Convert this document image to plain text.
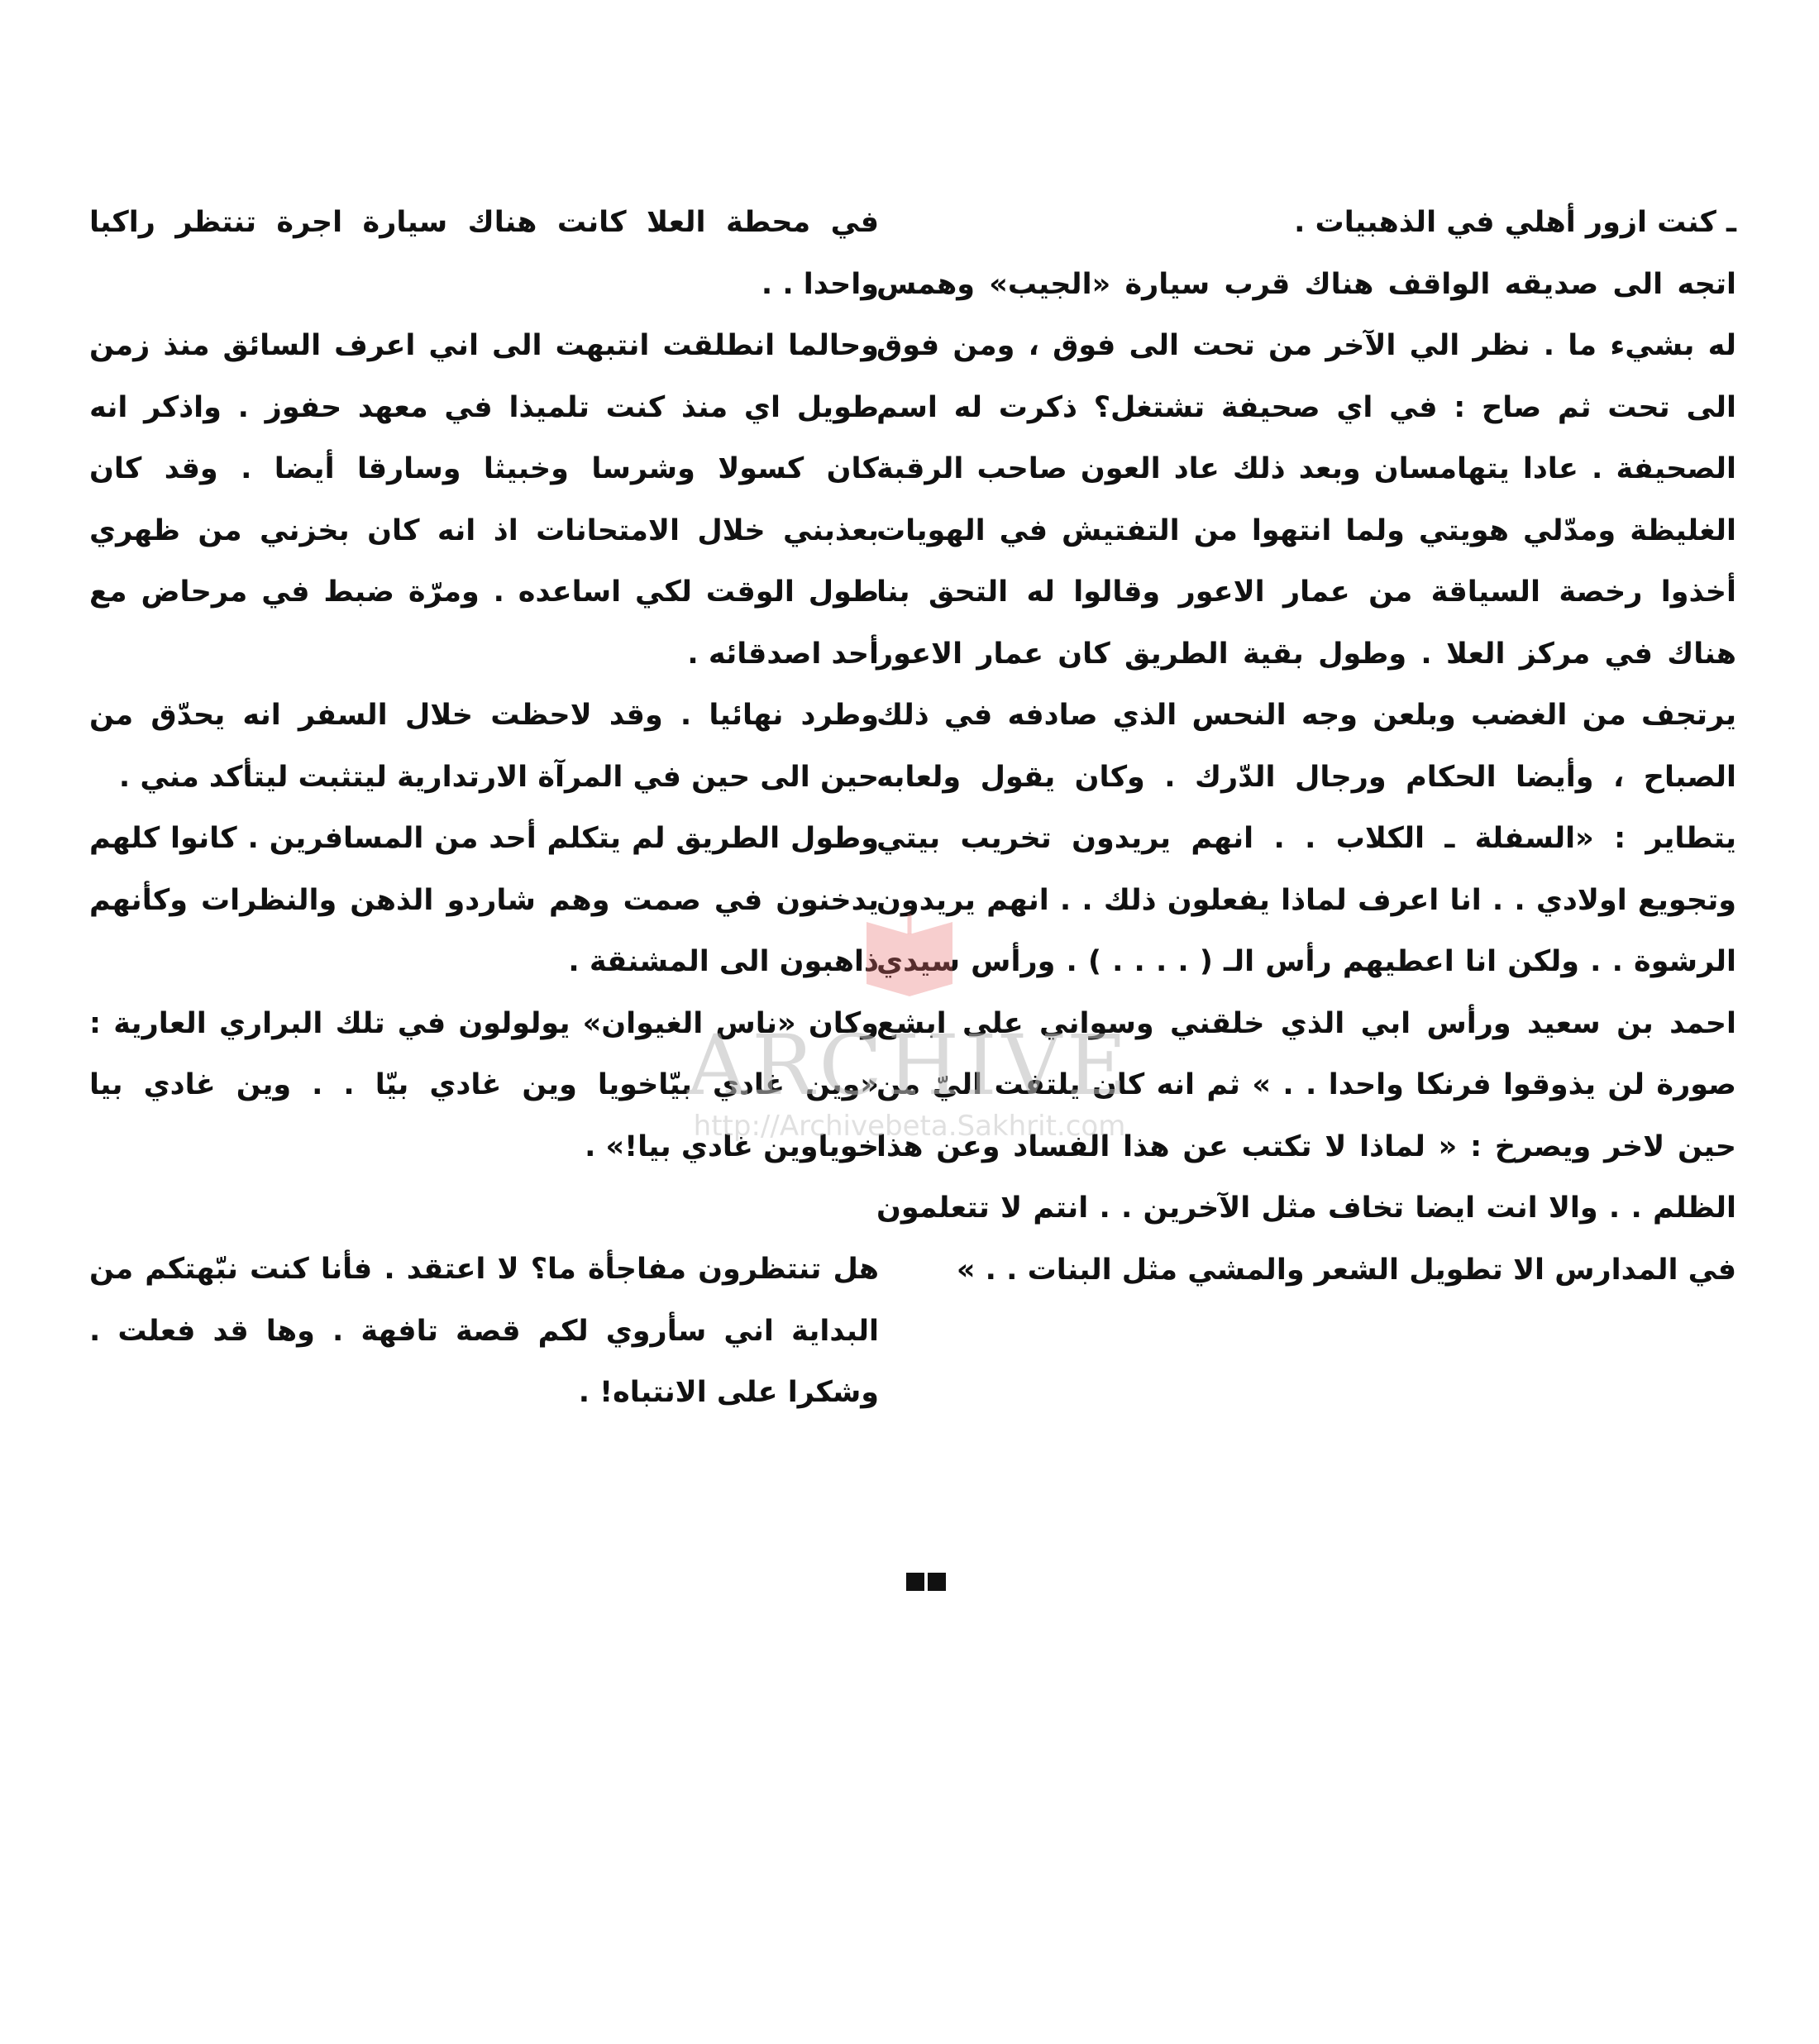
ـ كنت ازور أهلي في الذهبيات .

اتجه الى صديقه الواقف هناك قرب سيارة «الجيب» وهمس له بشيء ما . نظر الي الآخر من تحت الى فوق ، ومن فوق الى تحت ثم صاح : في اي صحيفة تشتغل؟ ذكرت له اسم الصحيفة . عادا يتهامسان وبعد ذلك عاد العون صاحب الرقبة الغليظة ومدّلي هويتي ولما انتهوا من التفتيش في الهويات أخذوا رخصة السياقة من عمار الاعور وقالوا له التحق بنا هناك في مركز العلا . وطول بقية الطريق كان عمار الاعور يرتجف من الغضب وبلعن وجه النحس الذي صادفه في ذلك الصباح ، وأيضا الحكام ورجال الدّرك . وكان يقول ولعابه يتطاير : «السفلة ـ الكلاب . . انهم يريدون تخريب بيتي وتجويع اولادي . . انا اعرف لماذا يفعلون ذلك . . انهم يريدون الرشوة . . ولكن انا اعطيهم رأس الـ ( . . . . ) . ورأس سيدي احمد بن سعيد ورأس ابي الذي خلقني وسواني على ابشع صورة لن يذوقوا فرنكا واحدا . . » ثم انه كان يلتفت اليّ من حين لاخر ويصرخ : « لماذا لا تكتب عن هذا الفساد وعن هذا الظلم . . والا انت ايضا تخاف مثل الآخرين . . انتم لا تتعلمون في المدارس الا تطويل الشعر والمشي مثل البنات . . »

في محطة العلا كانت هناك سيارة اجرة تنتظر راكبا واحدا . .

وحالما انطلقت انتبهت الى اني اعرف السائق منذ زمن طويل اي منذ كنت تلميذا في معهد حفوز . واذكر انه كان كسولا وشرسا وخبيثا وسارقا أيضا . وقد كان بعذبني خلال الامتحانات اذ انه كان بخزني من ظهري طول الوقت لكي اساعده . ومرّة ضبط في مرحاض مع أحد اصدقائه .

وطرد نهائيا . وقد لاحظت خلال السفر انه يحدّق من حين الى حين في المرآة الارتدارية ليتثبت ليتأكد مني .

وطول الطريق لم يتكلم أحد من المسافرين . كانوا كلهم يدخنون في صمت وهم شاردو الذهن والنظرات وكأنهم ذاهبون الى المشنقة .

وكان «ناس الغيوان» يولولون في تلك البراري العارية : «وين غادي بيّاخويا وين غادي بيّا . . وين غادي بيا خوياوين غادي بيا!» .

هل تنتظرون مفاجأة ما؟ لا اعتقد . فأنا كنت نبّهتكم من البداية اني سأروي لكم قصة تافهة . وها قد فعلت . وشكرا على الانتباه! .

ARCHIVE
http://Archivebeta.Sakhrit.com
